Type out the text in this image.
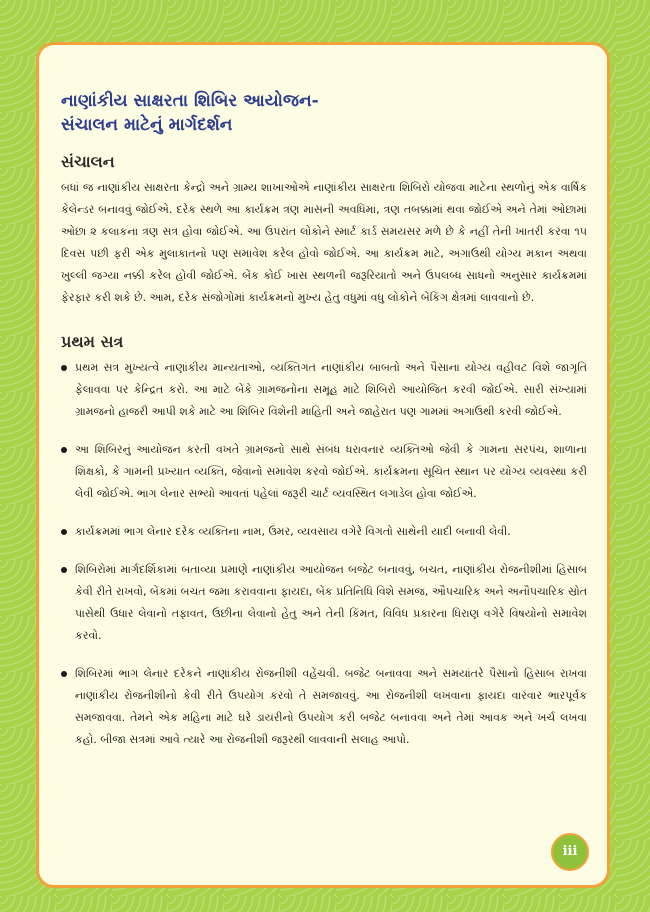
નાણાંકીય સાક્ષરતા શિબિર આયોજન-
સંચાલન માટેનું માર્ગદર્શન
સંચાલન

બધાં જ નાણાંકીય સાક્ષરતા કેન્દ્રો અને ગ્રામ્ય શાખાઓએ નાણાંકીય સાક્ષરતા શિબિરો યોજવા માટેના સ્થળોનું એક વાર્ષિક કેલેન્ડર બનાવવું જોઈએ. દરેક સ્થળે આ કાર્યક્રમ ત્રણ માસની અવધિમાં, ત્રણ તબક્કામાં થવા જોઈએ અને તેમાં ઓછામાં ઓછા ૨ કલાકના ત્રણ સત્ર હોવા જોઈએ. આ ઉપરાંત લોકોને સ્માર્ટ કાર્ડ સમયસર મળે છે કે નહીં તેની ખાતરી કરવા ૧૫ દિવસ પછી ફરી એક મુલાકાતનો પણ સમાવેશ કરેલ હોવો જોઈએ. આ કાર્યક્રમ માટે, અગાઉથી યોગ્ય મકાન અથવા ખુલ્લી જગ્યા નક્કી કરેલ હોવી જોઈએ. બેંક કોઈ ખાસ સ્થળની જરૂરિયાતો અને ઉપલબ્ધ સાધનો અનુસાર કાર્યક્રમમાં ફેરફાર કરી શકે છે. આમ, દરેક સંજોગોમાં કાર્યક્રમનો મુખ્ય હેતુ વધુમાં વધુ લોકોને બેંકિંગ ક્ષેત્રમાં લાવવાનો છે.

પ્રથમ સત્ર
પ્રથમ સત્ર મુખ્યત્વે નાણાંકીય માન્યતાઓ, વ્યક્તિગત નાણાંકીય બાબતો અને પૈસાના યોગ્ય વહીવટ વિશે જાગૃતિ ફેલાવવા પર કેન્દ્રિત કરો. આ માટે બેંકે ગ્રામજનોના સમૂહ માટે શિબિરો આયોજિત કરવી જોઈએ. સારી સંખ્યામાં ગ્રામજનો હાજરી આપી શકે માટે આ શિબિર વિશેની માહિતી અને જાહેરાત પણ ગામમાં અગાઉથી કરવી જોઈએ.
આ શિબિરનું આયોજન કરતી વખતે ગ્રામજનો સાથે સંબંધ ધરાવનાર વ્યક્તિઓ જેવી કે ગામના સરપંચ, શાળાના શિક્ષકો, કે ગામની પ્રખ્યાત વ્યક્તિ, જેવાનો સમાવેશ કરવો જોઈએ. કાર્યક્રમના સૂચિત સ્થાન પર યોગ્ય વ્યવસ્થા કરી લેવી જોઈએ. ભાગ લેનાર સભ્યો આવતાં પહેલાં જરૂરી ચાર્ટ વ્યવસ્થિત લગાડેલ હોવા જોઈએ.
કાર્યક્રમમાં ભાગ લેનાર દરેક વ્યક્તિના નામ, ઉંમર, વ્યવસાય વગેરે વિગતો સાથેની યાદી બનાવી લેવી.
શિબિરોમાં માર્ગદર્શિકામાં બતાવ્યા પ્રમાણે નાણાંકીય આયોજન બજેટ બનાવવું, બચત, નાણાંકીય રોજનીશીમાં હિસાબ કેવી રીતે રાખવો, બેંકમાં બચત જમા કરાવવાના ફાયદા, બેંક પ્રતિનિધિ વિશે સમજ, ઔપચારિક અને અનૌપચારિક સ્રોત પાસેથી ઉધાર લેવાનો તફાવત, ઉછીના લેવાનો હેતુ અને તેની કિંમત, વિવિધ પ્રકારના ધિરાણ વગેરે વિષયોનો સમાવેશ કરવો.
શિબિરમાં ભાગ લેનાર દરેકને નાણાંકીય રોજનીશી વહેંચવી. બજેટ બનાવવા અને સમયાંતરે પૈસાનો હિસાબ રાખવા નાણાંકીય રોજનીશીનો કેવી રીતે ઉપયોગ કરવો તે સમજાવવું. આ રોજનીશી લખવાના ફાયદા વારંવાર ભારપૂર્વક સમજાવવા. તેમને એક મહિના માટે ઘરે ડાયરીનો ઉપયોગ કરી બજેટ બનાવવા અને તેમાં આવક અને ખર્ચ લખવા કહો. બીજા સત્રમાં આવે ત્યારે આ રોજનીશી જરૂરથી લાવવાની સલાહ આપો.
iii
